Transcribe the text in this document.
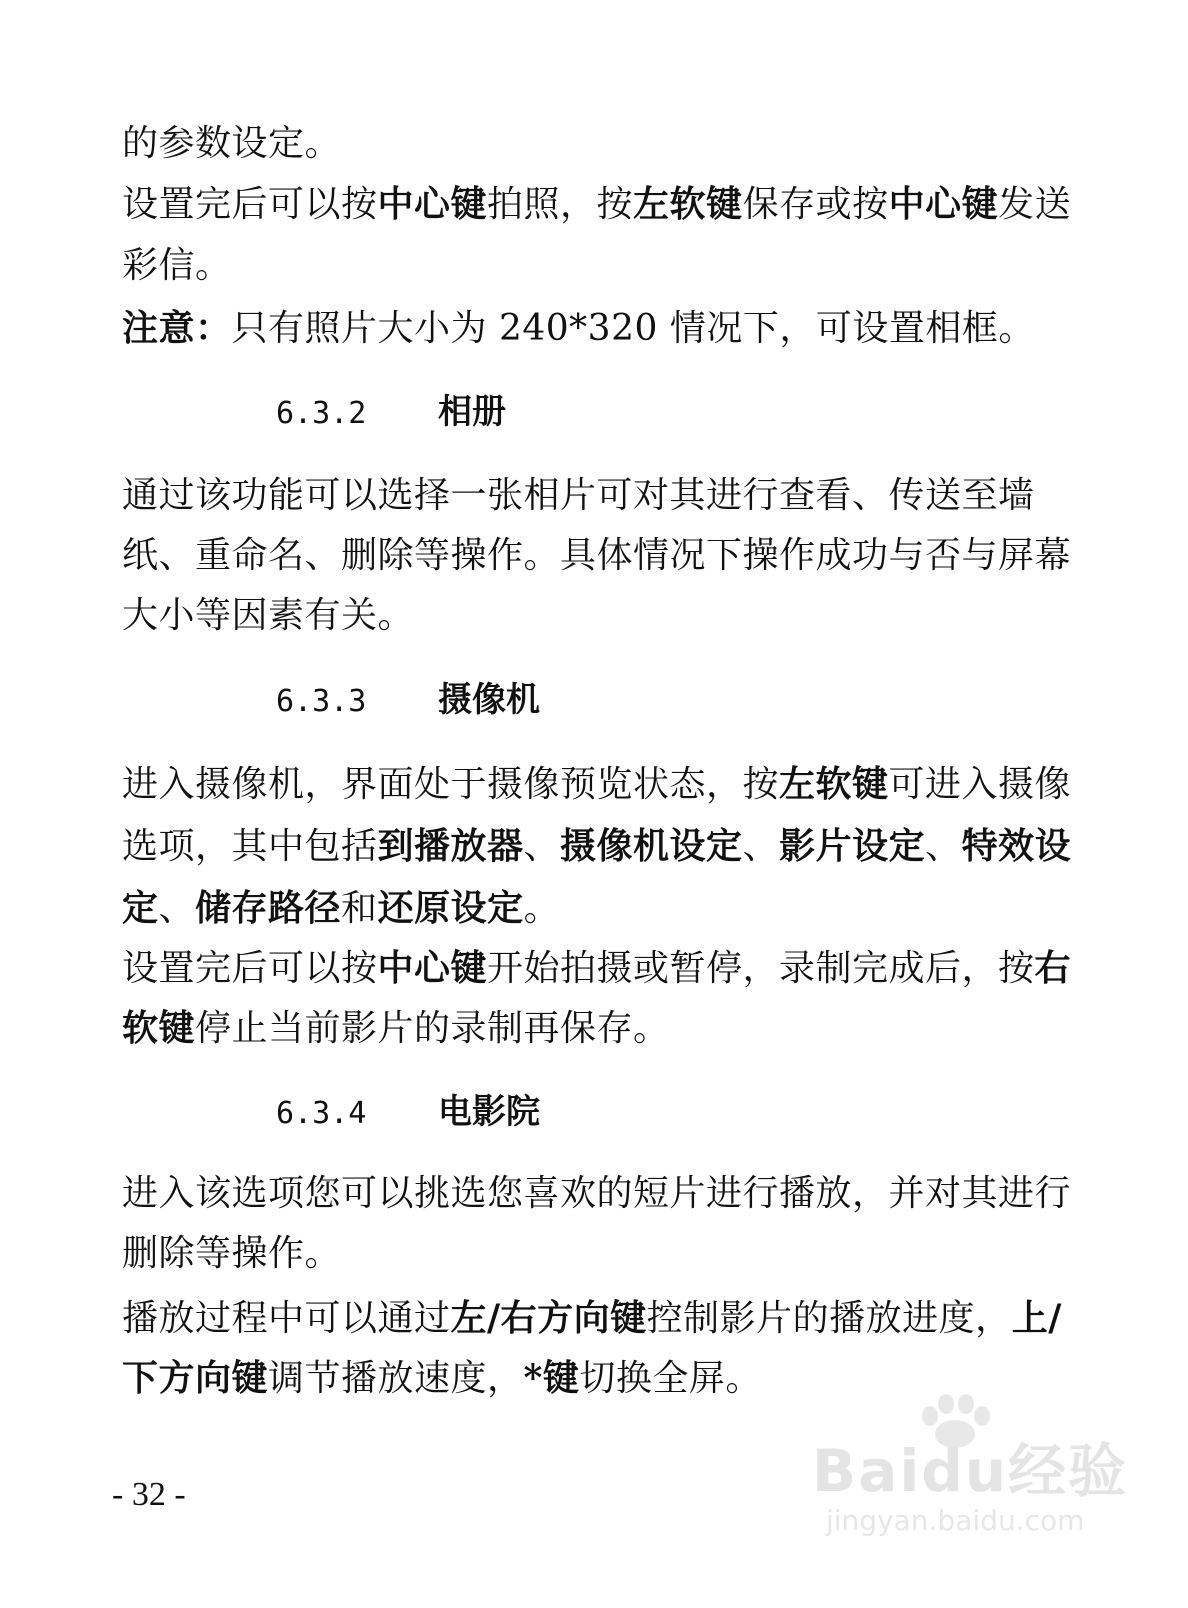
的参数设定。
设置完后可以按中心键拍照，按左软键保存或按中心键发送
彩信。
注意：只有照片大小为 240*320 情况下，可设置相框。
6.3.2 相册
通过该功能可以选择一张相片可对其进行查看、传送至墙
纸、重命名、删除等操作。具体情况下操作成功与否与屏幕
大小等因素有关。
6.3.3 摄像机
进入摄像机，界面处于摄像预览状态，按左软键可进入摄像
选项，其中包括到播放器、摄像机设定、影片设定、特效设
定、储存路径和还原设定。
设置完后可以按中心键开始拍摄或暂停，录制完成后，按右
软键停止当前影片的录制再保存。
6.3.4 电影院
进入该选项您可以挑选您喜欢的短片进行播放，并对其进行
删除等操作。
播放过程中可以通过左/右方向键控制影片的播放进度，上/
下方向键调节播放速度，*键切换全屏。
- 32 -	Baidu经验
jingyan.baidu.com
